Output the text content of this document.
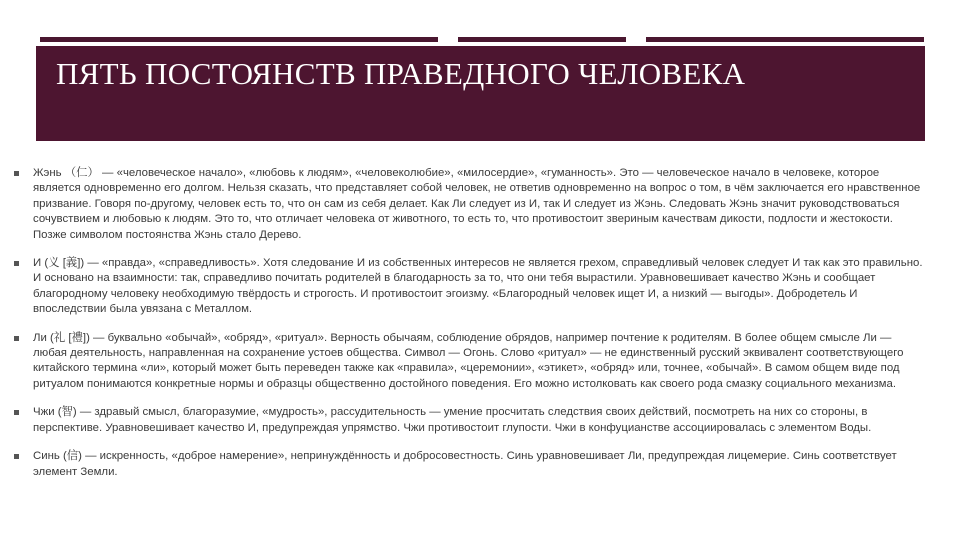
ПЯТЬ ПОСТОЯНСТВ ПРАВЕДНОГО ЧЕЛОВЕКА
Жэнь （仁） — «человеческое начало», «любовь к людям», «человеколюбие», «милосердие», «гуманность». Это — человеческое начало в человеке, которое является одновременно его долгом. Нельзя сказать, что представляет собой человек, не ответив одновременно на вопрос о том, в чём заключается его нравственное призвание. Говоря по-другому, человек есть то, что он сам из себя делает. Как Ли следует из И, так И следует из Жэнь. Следовать Жэнь значит руководствоваться сочувствием и любовью к людям. Это то, что отличает человека от животного, то есть то, что противостоит звериным качествам дикости, подлости и жестокости. Позже символом постоянства Жэнь стало Дерево.
И (义 [義]) — «правда», «справедливость». Хотя следование И из собственных интересов не является грехом, справедливый человек следует И так как это правильно. И основано на взаимности: так, справедливо почитать родителей в благодарность за то, что они тебя вырастили. Уравновешивает качество Жэнь и сообщает благородному человеку необходимую твёрдость и строгость. И противостоит эгоизму. «Благородный человек ищет И, а низкий — выгоды». Добродетель И впоследствии была увязана с Металлом.
Ли (礼 [禮]) — буквально «обычай», «обряд», «ритуал». Верность обычаям, соблюдение обрядов, например почтение к родителям. В более общем смысле Ли — любая деятельность, направленная на сохранение устоев общества. Символ — Огонь. Слово «ритуал» — не единственный русский эквивалент соответствующего китайского термина «ли», который может быть переведен также как «правила», «церемонии», «этикет», «обряд» или, точнее, «обычай». В самом общем виде под ритуалом понимаются конкретные нормы и образцы общественно достойного поведения. Его можно истолковать как своего рода смазку социального механизма.
Чжи (智) — здравый смысл, благоразумие, «мудрость», рассудительность — умение просчитать следствия своих действий, посмотреть на них со стороны, в перспективе. Уравновешивает качество И, предупреждая упрямство. Чжи противостоит глупости. Чжи в конфуцианстве ассоциировалась с элементом Воды.
Синь (信) — искренность, «доброе намерение», непринуждённость и добросовестность. Синь уравновешивает Ли, предупреждая лицемерие. Синь соответствует элемент Земли.
